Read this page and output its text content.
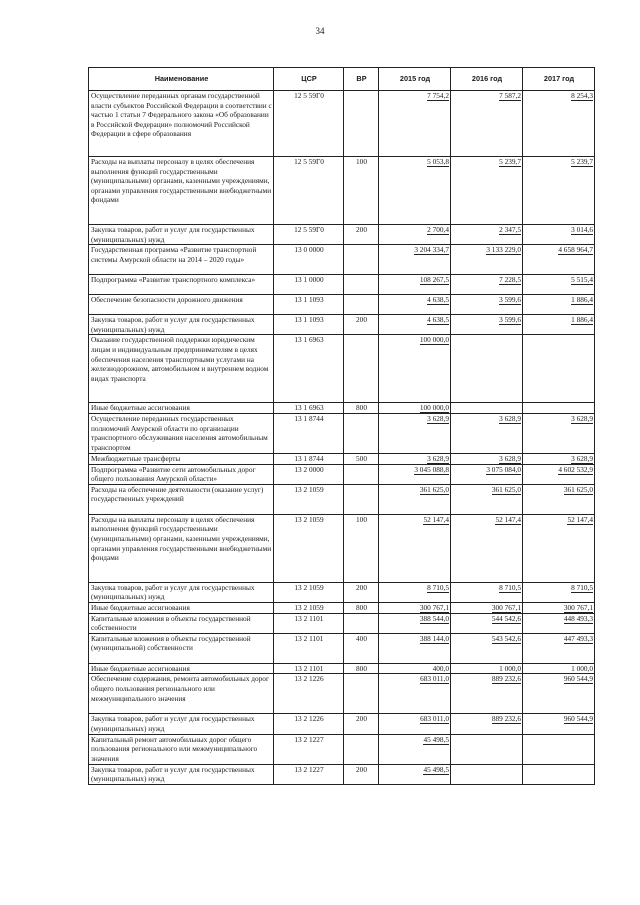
34
Наименование	ЦСР	ВР	2015 год	2016 год	2017 год
Осуществление переданных органам государственной власти субъектов Российской Федерации в соответствии с частью 1 статьи 7 Федерального закона «Об образовании в Российской Федерации» полномочий Российской Федерации в сфере образования	12 5 59Г0		7 754,2	7 587,2	8 254,3
Расходы на выплаты персоналу в целях обеспечения выполнения функций государственными (муниципальными) органами, казенными учреждениями, органами управления государственными внебюджетными фондами	12 5 59Г0	100	5 053,8	5 239,7	5 239,7
Закупка товаров, работ и услуг для государственных (муниципальных) нужд	12 5 59Г0	200	2 700,4	2 347,5	3 014,6
Государственная программа «Развитие транспортной системы Амурской области на 2014 – 2020 годы»	13 0 0000		3 204 334,7	3 133 229,0	4 658 964,7
Подпрограмма «Развитие транспортного комплекса»	13 1 0000		108 267,5	7 228,5	5 515,4
Обеспечение безопасности дорожного движения	13 1 1093		4 638,5	3 599,6	1 886,4
Закупка товаров, работ и услуг для государственных (муниципальных) нужд	13 1 1093	200	4 638,5	3 599,6	1 886,4
Оказание государственной поддержки юридическим лицам и индивидуальным предпринимателям в целях обеспечения населения транспортными услугами на железнодорожном, автомобильном и внутреннем водном видах транспорта	13 1 6963		100 000,0		
Иные бюджетные ассигнования	13 1 6963	800	100 000,0		
Осуществление переданных государственных полномочий Амурской области по организации транспортного обслуживания населения автомобильным транспортом	13 1 8744		3 628,9	3 628,9	3 628,9
Межбюджетные трансферты	13 1 8744	500	3 628,9	3 628,9	3 628,9
Подпрограмма «Развитие сети автомобильных дорог общего пользования Амурской области»	13 2 0000		3 045 088,8	3 075 084,0	4 602 532,9
Расходы на обеспечение деятельности (оказание услуг) государственных учреждений	13 2 1059		361 625,0	361 625,0	361 625,0
Расходы на выплаты персоналу в целях обеспечения выполнения функций государственными (муниципальными) органами, казенными учреждениями, органами управления государственными внебюджетными фондами	13 2 1059	100	52 147,4	52 147,4	52 147,4
Закупка товаров, работ и услуг для государственных (муниципальных) нужд	13 2 1059	200	8 710,5	8 710,5	8 710,5
Иные бюджетные ассигнования	13 2 1059	800	300 767,1	300 767,1	300 767,1
Капитальные вложения в объекты государственной собственности	13 2 1101		388 544,0	544 542,6	448 493,3
Капитальные вложения в объекты государственной (муниципальной) собственности	13 2 1101	400	388 144,0	543 542,6	447 493,3
Иные бюджетные ассигнования	13 2 1101	800	400,0	1 000,0	1 000,0
Обеспечение содержания, ремонта автомобильных дорог общего пользования регионального или межмуниципального значения	13 2 1226		683 011,0	889 232,6	960 544,9
Закупка товаров, работ и услуг для государственных (муниципальных) нужд	13 2 1226	200	683 011,0	889 232,6	960 544,9
Капитальный ремонт автомобильных дорог общего пользования регионального или межмуниципального значения	13 2 1227		45 498,5		
Закупка товаров, работ и услуг для государственных (муниципальных) нужд	13 2 1227	200	45 498,5		
